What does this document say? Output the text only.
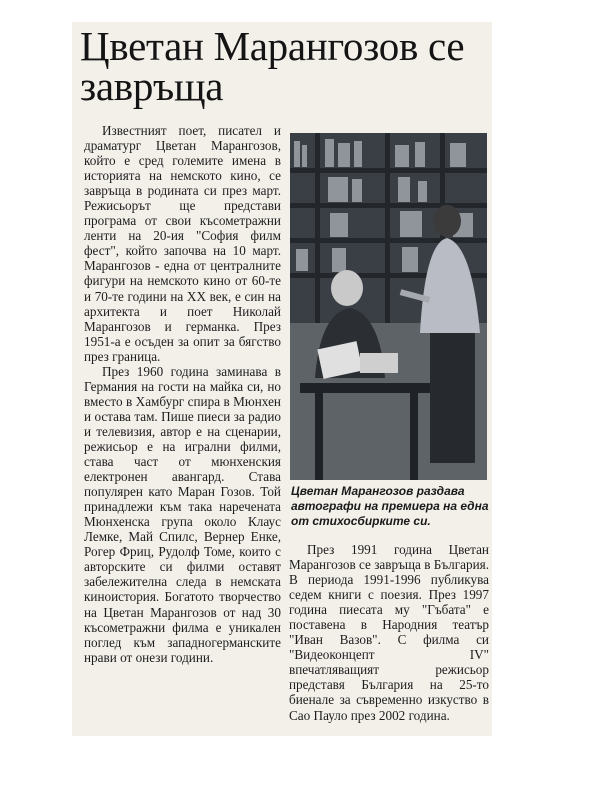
Цветан Марангозов се завръща

Известният поет, писател и драматург Цветан Марангозов, който е сред големите имена в историята на немското кино, се завръща в родината си през март. Режисьорът ще представи програма от свои късометражни ленти на 20-ия "София филм фест", който започва на 10 март. Марангозов - една от централните фигури на немското кино от 60-те и 70-те години на XX век, е син на архитекта и поет Николай Марангозов и германка. През 1951-а е осъден за опит за бягство през граница.

През 1960 година заминава в Германия на гости на майка си, но вместо в Хамбург спира в Мюнхен и остава там. Пише пиеси за радио и телевизия, автор е на сценарии, режисьор е на игрални филми, става част от мюнхенския електронен авангард. Става популярен като Маран Гозов. Той принадлежи към така наречената Мюнхенска група около Клаус Лемке, Май Спилс, Вернер Енке, Рогер Фриц, Рудолф Томе, които с авторските си филми оставят забележителна следа в немската киноистория. Богатото творчество на Цветан Марангозов от над 30 късометражни филма е уникален поглед към западногерманските нрави от онези години.

Цветан Марангозов раздава автографи на премиера на една от стихосбирките си.

През 1991 година Цветан Марангозов се завръща в България. В периода 1991-1996 публикува седем книги с поезия. През 1997 година пиесата му "Гъбата" е поставена в Народния театър "Иван Вазов". С филма си "Видеоконцепт IV" впечатляващият режисьор представя България на 25-то биенале за съвременно изкуство в Сао Пауло през 2002 година.
